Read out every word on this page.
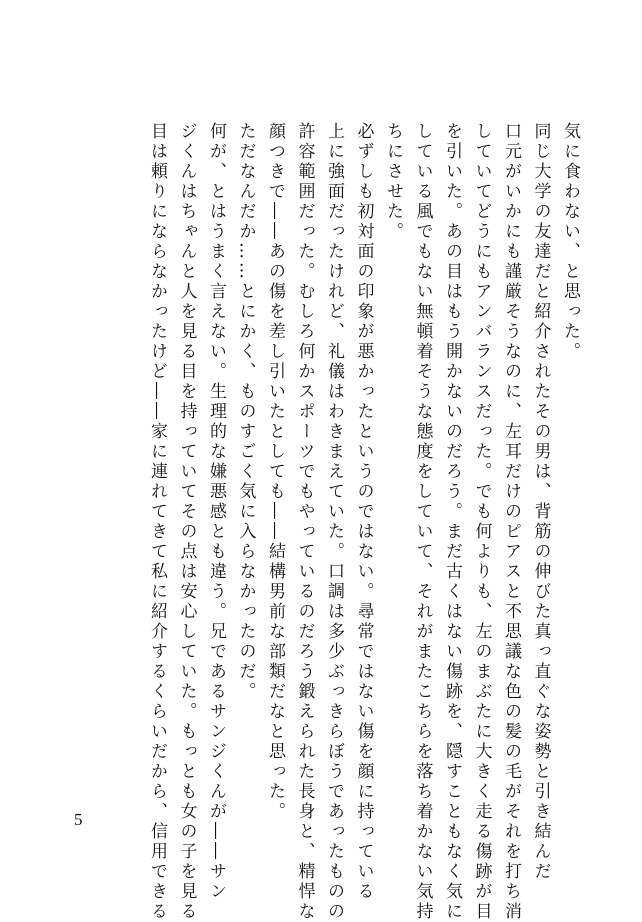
気に食わない、と思った。

同じ大学の友達だと紹介されたその男は、背筋の伸びた真っ直ぐな姿勢と引き結んだ

口元がいかにも謹厳そうなのに、左耳だけのピアスと不思議な色の髪の毛がそれを打ち消

していてどうにもアンバランスだった。でも何よりも、左のまぶたに大きく走る傷跡が目

を引いた。あの目はもう開かないのだろう。まだ古くはない傷跡を、隠すこともなく気に

している風でもない無頓着そうな態度をしていて、それがまたこちらを落ち着かない気持

ちにさせた。

必ずしも初対面の印象が悪かったというのではない。尋常ではない傷を顔に持っている

上に強面だったけれど、礼儀はわきまえていた。口調は多少ぶっきらぼうであったものの

許容範囲だった。むしろ何かスポーツでもやっているのだろう鍛えられた長身と、精悍な

顔つきで――あの傷を差し引いたとしても――結構男前な部類だなと思った。

ただなんだか……とにかく、ものすごく気に入らなかったのだ。

何が、とはうまく言えない。生理的な嫌悪感とも違う。兄であるサンジくんが――サン

ジくんはちゃんと人を見る目を持っていてその点は安心していた。もっとも女の子を見る

目は頼りにならなかったけど――家に連れてきて私に紹介するくらいだから、信用できる

5
